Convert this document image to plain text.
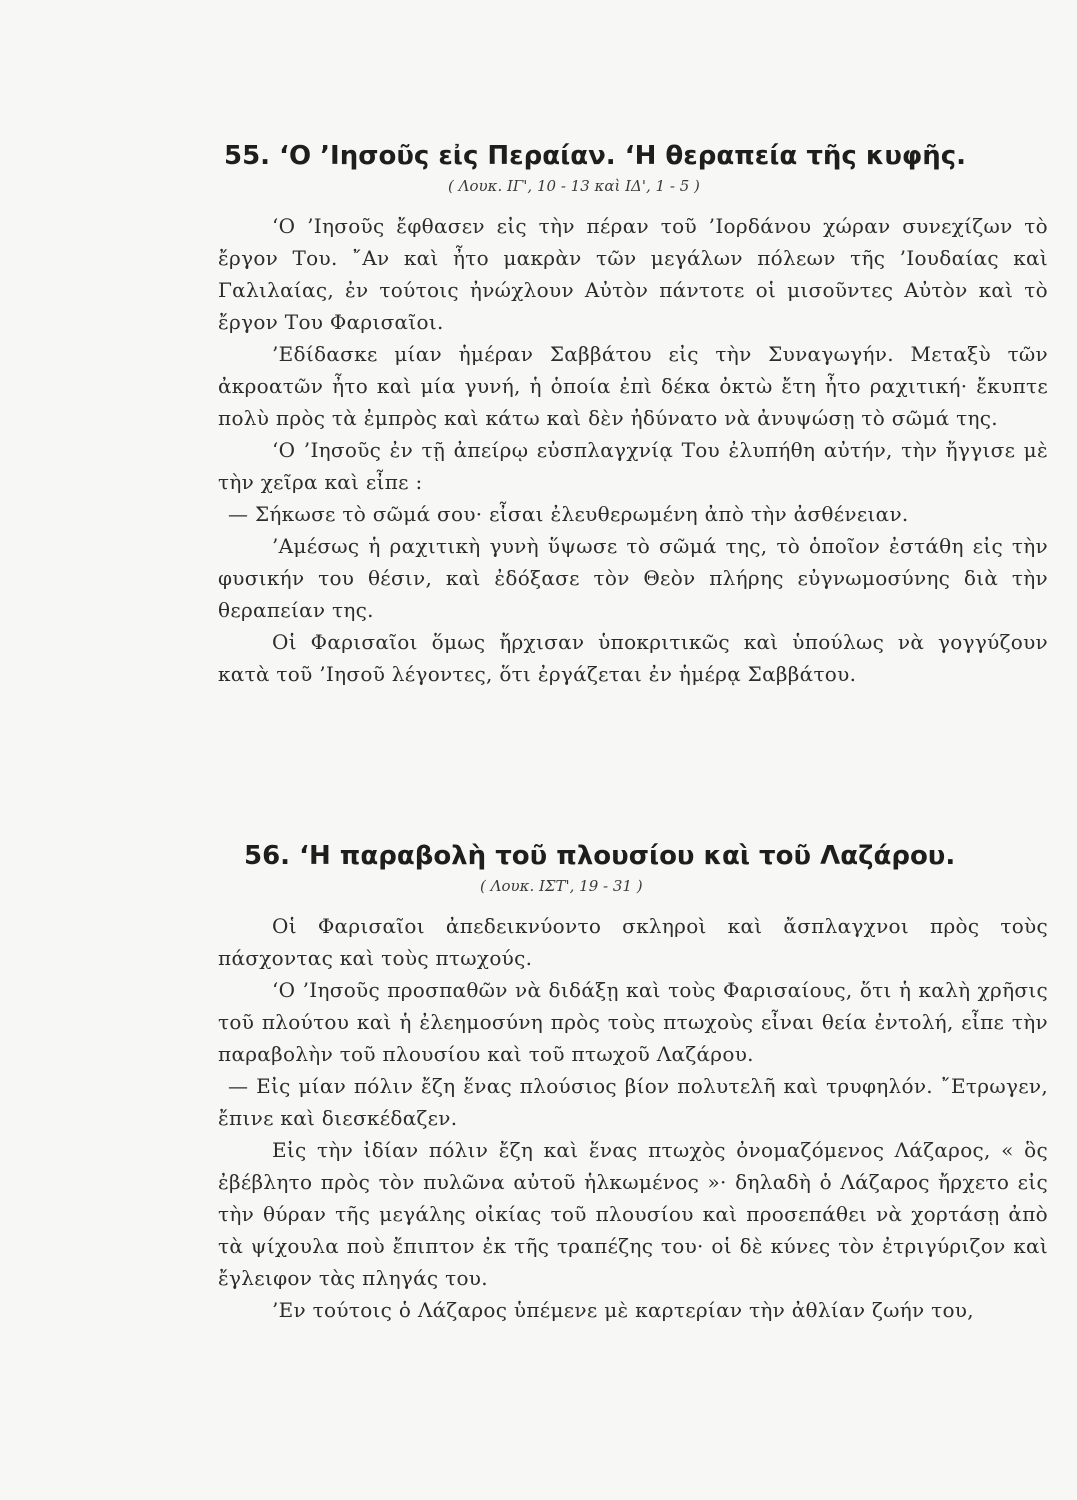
55. ‘Ο ’Ιησοῦς εἰς Περαίαν. ‘Η θεραπεία τῆς κυφῆς.
( Λουκ. ΙΓ', 10 - 13 καὶ ΙΔ', 1 - 5 )

‘Ο ’Ιησοῦς ἔφθασεν εἰς τὴν πέραν τοῦ ’Ιορδάνου χώραν συνεχίζων τὸ ἔργον Του. ῎Αν καὶ ἦτο μακρὰν τῶν μεγάλων πόλεων τῆς ’Ιουδαίας καὶ Γαλιλαίας, ἐν τούτοις ἠνώχλουν Αὐτὸν πάντοτε οἱ μισοῦντες Αὐτὸν καὶ τὸ ἔργον Του Φαρισαῖοι.

’Εδίδασκε μίαν ἡμέραν Σαββάτου εἰς τὴν Συναγωγήν. Μεταξὺ τῶν ἀκροατῶν ἦτο καὶ μία γυνή, ἡ ὁποία ἐπὶ δέκα ὀκτὼ ἔτη ἦτο ραχιτική· ἔκυπτε πολὺ πρὸς τὰ ἐμπρὸς καὶ κάτω καὶ δὲν ἠδύνατο νὰ ἀνυψώσῃ τὸ σῶμά της.

‘Ο ’Ιησοῦς ἐν τῇ ἀπείρῳ εὐσπλαγχνίᾳ Του ἐλυπήθη αὐτήν, τὴν ἤγγισε μὲ τὴν χεῖρα καὶ εἶπε :

— Σήκωσε τὸ σῶμά σου· εἶσαι ἐλευθερωμένη ἀπὸ τὴν ἀσθένειαν.

’Αμέσως ἡ ραχιτικὴ γυνὴ ὕψωσε τὸ σῶμά της, τὸ ὁποῖον ἐστάθη εἰς τὴν φυσικήν του θέσιν, καὶ ἐδόξασε τὸν Θεὸν πλήρης εὐγνωμοσύνης διὰ τὴν θεραπείαν της.

Οἱ Φαρισαῖοι ὅμως ἤρχισαν ὑποκριτικῶς καὶ ὑπούλως νὰ γογγύζουν κατὰ τοῦ ’Ιησοῦ λέγοντες, ὅτι ἐργάζεται ἐν ἡμέρᾳ Σαββάτου.

56. ‘Η παραβολὴ τοῦ πλουσίου καὶ τοῦ Λαζάρου.
( Λουκ. ΙΣΤ', 19 - 31 )

Οἱ Φαρισαῖοι ἀπεδεικνύοντο σκληροὶ καὶ ἄσπλαγχνοι πρὸς τοὺς πάσχοντας καὶ τοὺς πτωχούς.

‘Ο ’Ιησοῦς προσπαθῶν νὰ διδάξῃ καὶ τοὺς Φαρισαίους, ὅτι ἡ καλὴ χρῆσις τοῦ πλούτου καὶ ἡ ἐλεημοσύνη πρὸς τοὺς πτωχοὺς εἶναι θεία ἐντολή, εἶπε τὴν παραβολὴν τοῦ πλουσίου καὶ τοῦ πτωχοῦ Λαζάρου.

— Εἰς μίαν πόλιν ἔζη ἕνας πλούσιος βίον πολυτελῆ καὶ τρυφηλόν. ῎Ετρωγεν, ἔπινε καὶ διεσκέδαζεν.

Εἰς τὴν ἰδίαν πόλιν ἔζη καὶ ἕνας πτωχὸς ὀνομαζόμενος Λάζαρος, « ὃς ἐβέβλητο πρὸς τὸν πυλῶνα αὐτοῦ ἡλκωμένος »· δηλαδὴ ὁ Λάζαρος ἤρχετο εἰς τὴν θύραν τῆς μεγάλης οἰκίας τοῦ πλουσίου καὶ προσεπάθει νὰ χορτάσῃ ἀπὸ τὰ ψίχουλα ποὺ ἔπιπτον ἐκ τῆς τραπέζης του· οἱ δὲ κύνες τὸν ἐτριγύριζον καὶ ἔγλειφον τὰς πληγάς του.

’Εν τούτοις ὁ Λάζαρος ὑπέμενε μὲ καρτερίαν τὴν ἀθλίαν ζωήν του,
